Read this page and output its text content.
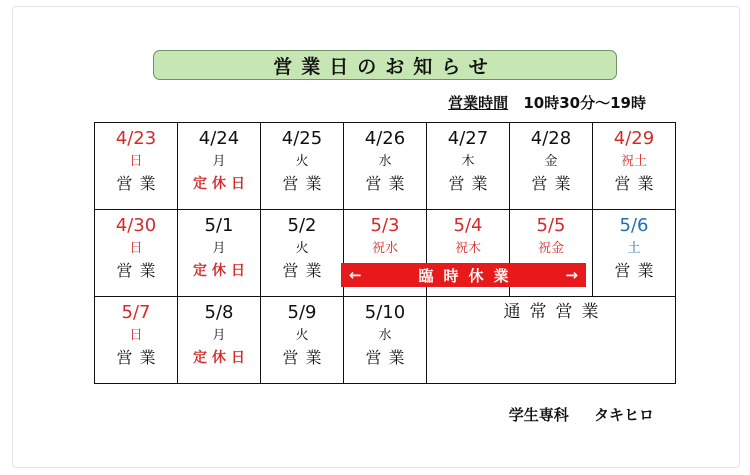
営業日のお知らせ
営業時間 10時30分〜19時
4/23
日
営業	4/24
月
定休日	4/25
火
営業	4/26
水
営業	4/27
木
営業	4/28
金
営業	4/29
祝土
営業

4/30
日
営業	5/1
月
定休日	5/2
火
営業	5/3
祝水	5/4
祝木	5/5
祝金	5/6
土
営業

5/7
日
営業	5/8
月
定休日	5/9
火
営業	5/10
水
営業	通常営業		
←	臨時休業	→
学生専科 タキヒロ
